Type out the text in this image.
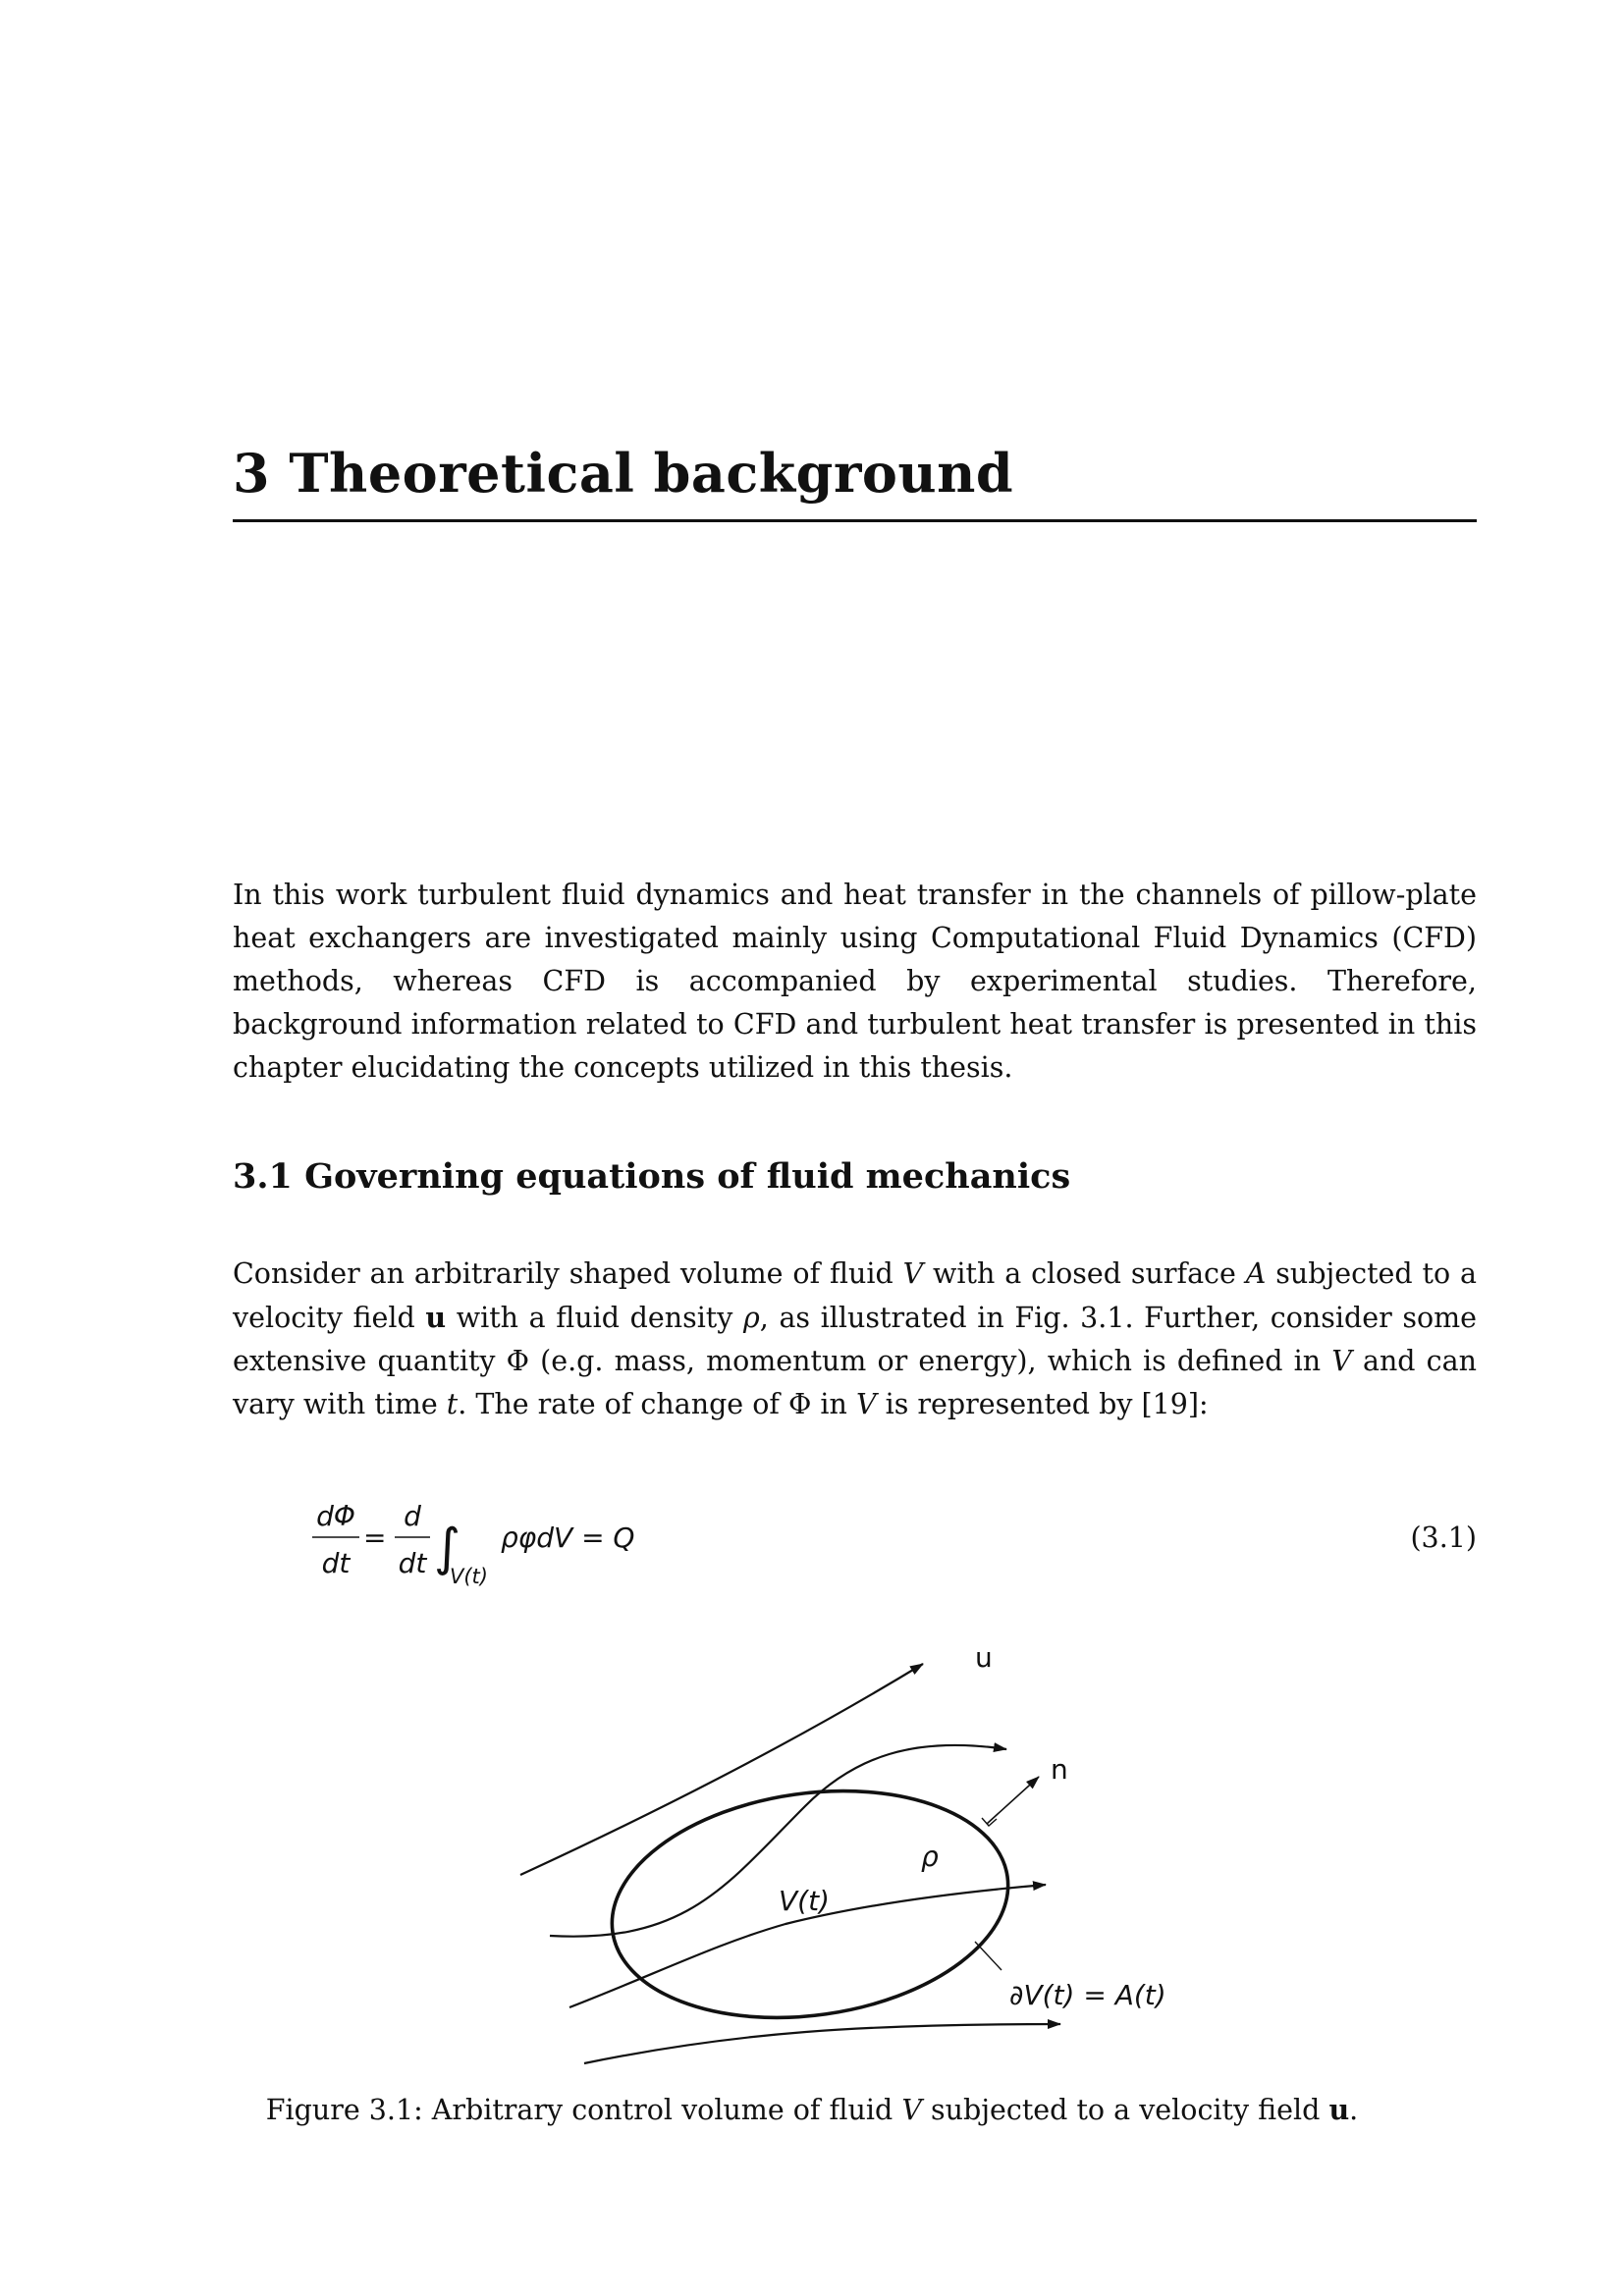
3 Theoretical background
In this work turbulent fluid dynamics and heat transfer in the channels of pillow-plate heat exchangers are investigated mainly using Computational Fluid Dynamics (CFD) methods, whereas CFD is accompanied by experimental studies. Therefore, background information related to CFD and turbulent heat transfer is presented in this chapter elucidating the concepts utilized in this thesis.
3.1 Governing equations of fluid mechanics
Consider an arbitrarily shaped volume of fluid V with a closed surface A subjected to a velocity field u with a fluid density ρ, as illustrated in Fig. 3.1. Further, consider some extensive quantity Φ (e.g. mass, momentum or energy), which is defined in V and can vary with time t. The rate of change of Φ in V is represented by [19]:
dΦ
dt
=
d
dt ∫
V(t)
ρφdV = Q	(3.1)
u
n
ρ
V(t)
∂V(t) = A(t)
Figure 3.1: Arbitrary control volume of fluid V subjected to a velocity field u.
